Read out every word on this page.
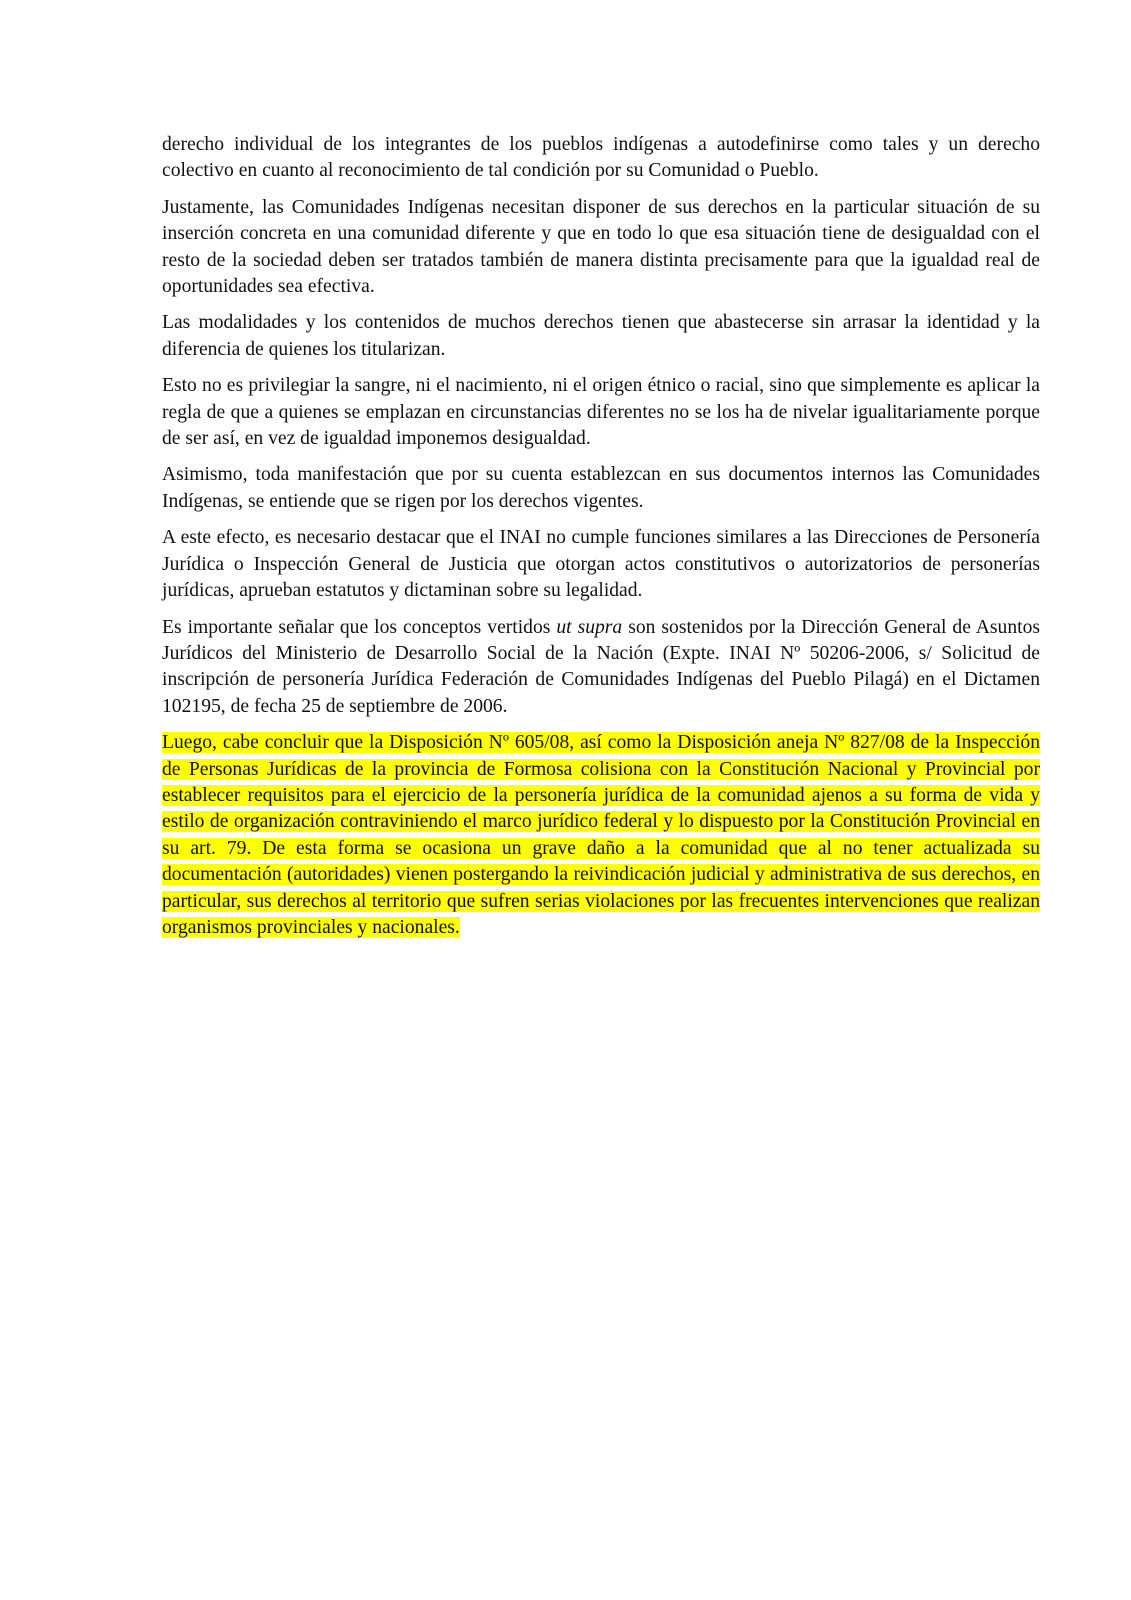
derecho individual de los integrantes de los pueblos indígenas a autodefinirse como tales y un derecho colectivo en cuanto al reconocimiento de tal condición por su Comunidad o Pueblo.

Justamente, las Comunidades Indígenas necesitan disponer de sus derechos en la particular situación de su inserción concreta en una comunidad diferente y que en todo lo que esa situación tiene de desigualdad con el resto de la sociedad deben ser tratados también de manera distinta precisamente para que la igualdad real de oportunidades sea efectiva.

Las modalidades y los contenidos de muchos derechos tienen que abastecerse sin arrasar la identidad y la diferencia de quienes los titularizan.

Esto no es privilegiar la sangre, ni el nacimiento, ni el origen étnico o racial, sino que simplemente es aplicar la regla de que a quienes se emplazan en circunstancias diferentes no se los ha de nivelar igualitariamente porque de ser así, en vez de igualdad imponemos desigualdad.

Asimismo, toda manifestación que por su cuenta establezcan en sus documentos internos las Comunidades Indígenas, se entiende que se rigen por los derechos vigentes.

A este efecto, es necesario destacar que el INAI no cumple funciones similares a las Direcciones de Personería Jurídica o Inspección General de Justicia que otorgan actos constitutivos o autorizatorios de personerías jurídicas, aprueban estatutos y dictaminan sobre su legalidad.

Es importante señalar que los conceptos vertidos ut supra son sostenidos por la Dirección General de Asuntos Jurídicos del Ministerio de Desarrollo Social de la Nación (Expte. INAI Nº 50206-2006, s/ Solicitud de inscripción de personería Jurídica Federación de Comunidades Indígenas del Pueblo Pilagá) en el Dictamen 102195, de fecha 25 de septiembre de 2006.

Luego, cabe concluir que la Disposición Nº 605/08, así como la Disposición aneja Nº 827/08 de la Inspección de Personas Jurídicas de la provincia de Formosa colisiona con la Constitución Nacional y Provincial por establecer requisitos para el ejercicio de la personería jurídica de la comunidad ajenos a su forma de vida y estilo de organización contraviniendo el marco jurídico federal y lo dispuesto por la Constitución Provincial en su art. 79. De esta forma se ocasiona un grave daño a la comunidad que al no tener actualizada su documentación (autoridades) vienen postergando la reivindicación judicial y administrativa de sus derechos, en particular, sus derechos al territorio que sufren serias violaciones por las frecuentes intervenciones que realizan organismos provinciales y nacionales.
